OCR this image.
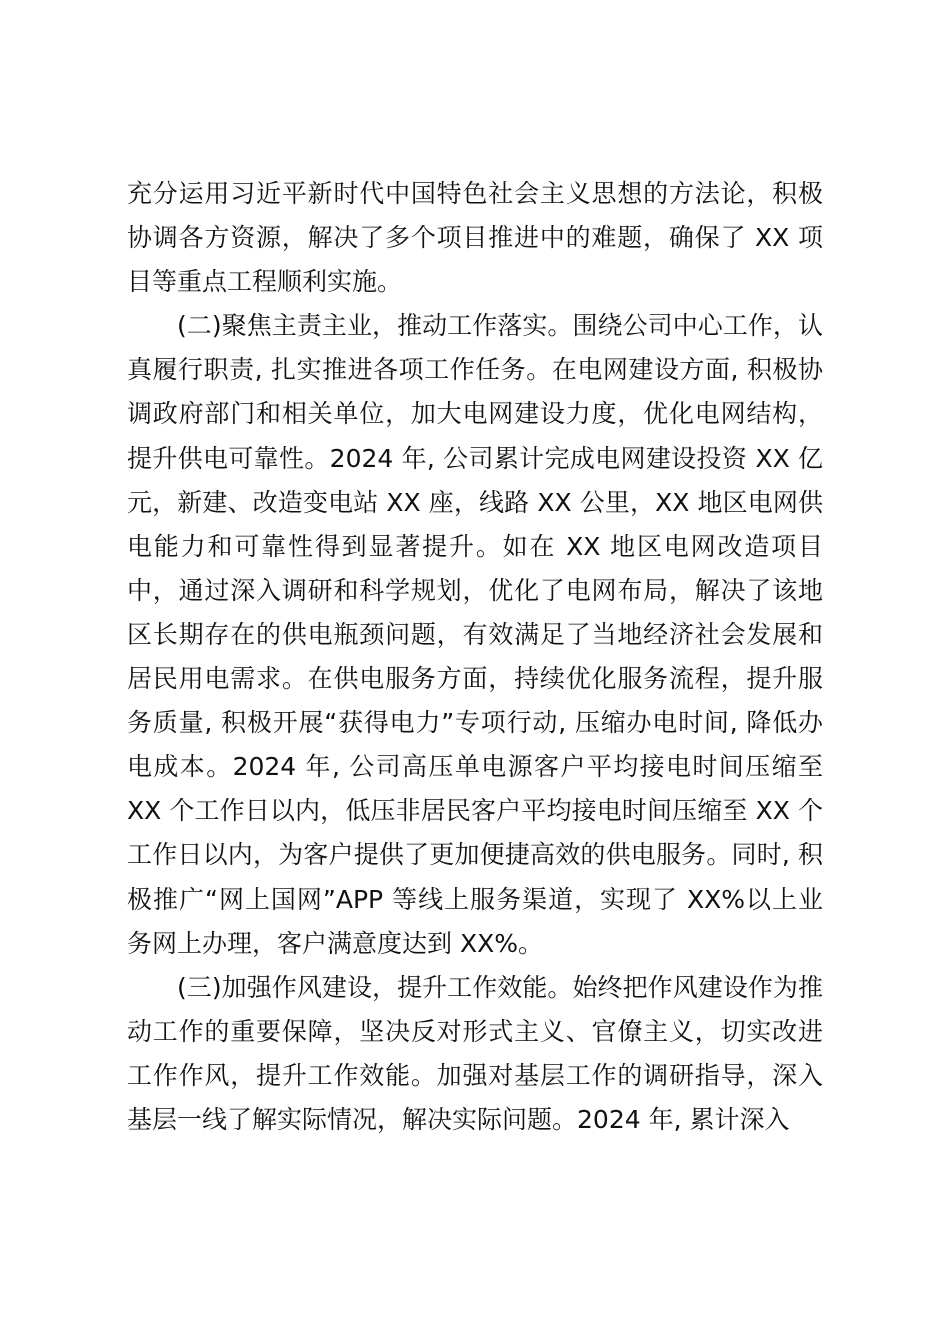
充分运用习近平新时代中国特色社会主义思想的方法论，积极协调各方资源，解决了多个项目推进中的难题，确保了 XX 项目等重点工程顺利实施。

(二)聚焦主责主业，推动工作落实。围绕公司中心工作，认真履行职责, 扎实推进各项工作任务。在电网建设方面, 积极协调政府部门和相关单位，加大电网建设力度，优化电网结构，提升供电可靠性。2024 年, 公司累计完成电网建设投资 XX 亿元，新建、改造变电站 XX 座，线路 XX 公里，XX 地区电网供电能力和可靠性得到显著提升。如在 XX 地区电网改造项目中，通过深入调研和科学规划，优化了电网布局，解决了该地区长期存在的供电瓶颈问题，有效满足了当地经济社会发展和居民用电需求。在供电服务方面，持续优化服务流程，提升服务质量, 积极开展“获得电力”专项行动, 压缩办电时间, 降低办电成本。2024 年, 公司高压单电源客户平均接电时间压缩至 XX 个工作日以内，低压非居民客户平均接电时间压缩至 XX 个工作日以内，为客户提供了更加便捷高效的供电服务。同时, 积极推广“网上国网”APP 等线上服务渠道，实现了 XX%以上业务网上办理，客户满意度达到 XX%。

(三)加强作风建设，提升工作效能。始终把作风建设作为推动工作的重要保障，坚决反对形式主义、官僚主义，切实改进工作作风，提升工作效能。加强对基层工作的调研指导，深入基层一线了解实际情况，解决实际问题。2024 年, 累计深入
